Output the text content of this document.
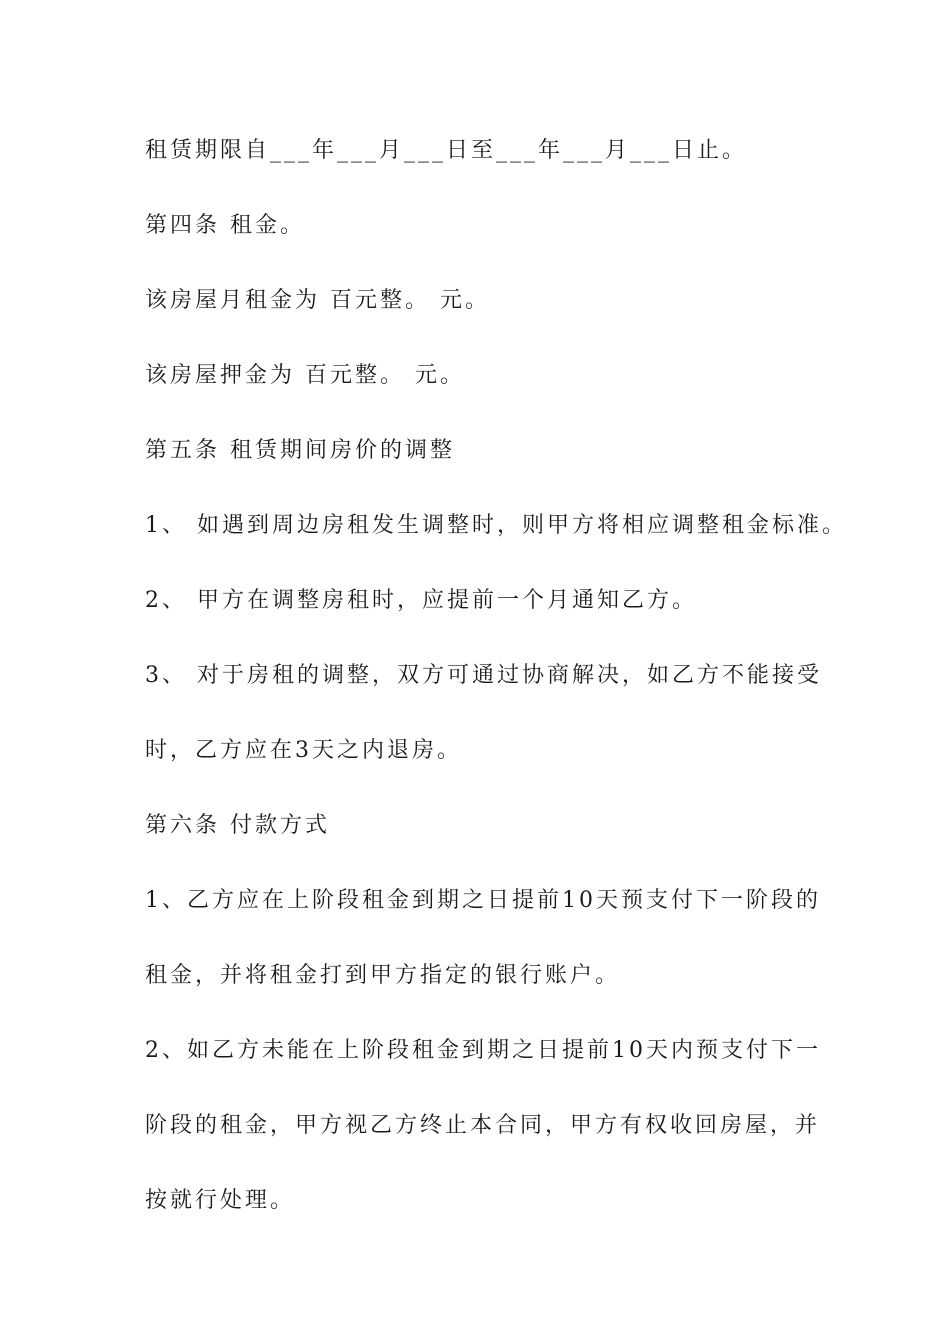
租赁期限自___年___月___日至___年___月___日止。
第四条 租金。
该房屋月租金为 百元整。 元。
该房屋押金为 百元整。 元。
第五条 租赁期间房价的调整
1、 如遇到周边房租发生调整时，则甲方将相应调整租金标准。
2、 甲方在调整房租时，应提前一个月通知乙方。
3、 对于房租的调整，双方可通过协商解决，如乙方不能接受
时，乙方应在3天之内退房。
第六条 付款方式
1、乙方应在上阶段租金到期之日提前10天预支付下一阶段的
租金，并将租金打到甲方指定的银行账户。
2、如乙方未能在上阶段租金到期之日提前10天内预支付下一
阶段的租金，甲方视乙方终止本合同，甲方有权收回房屋，并
按就行处理。
